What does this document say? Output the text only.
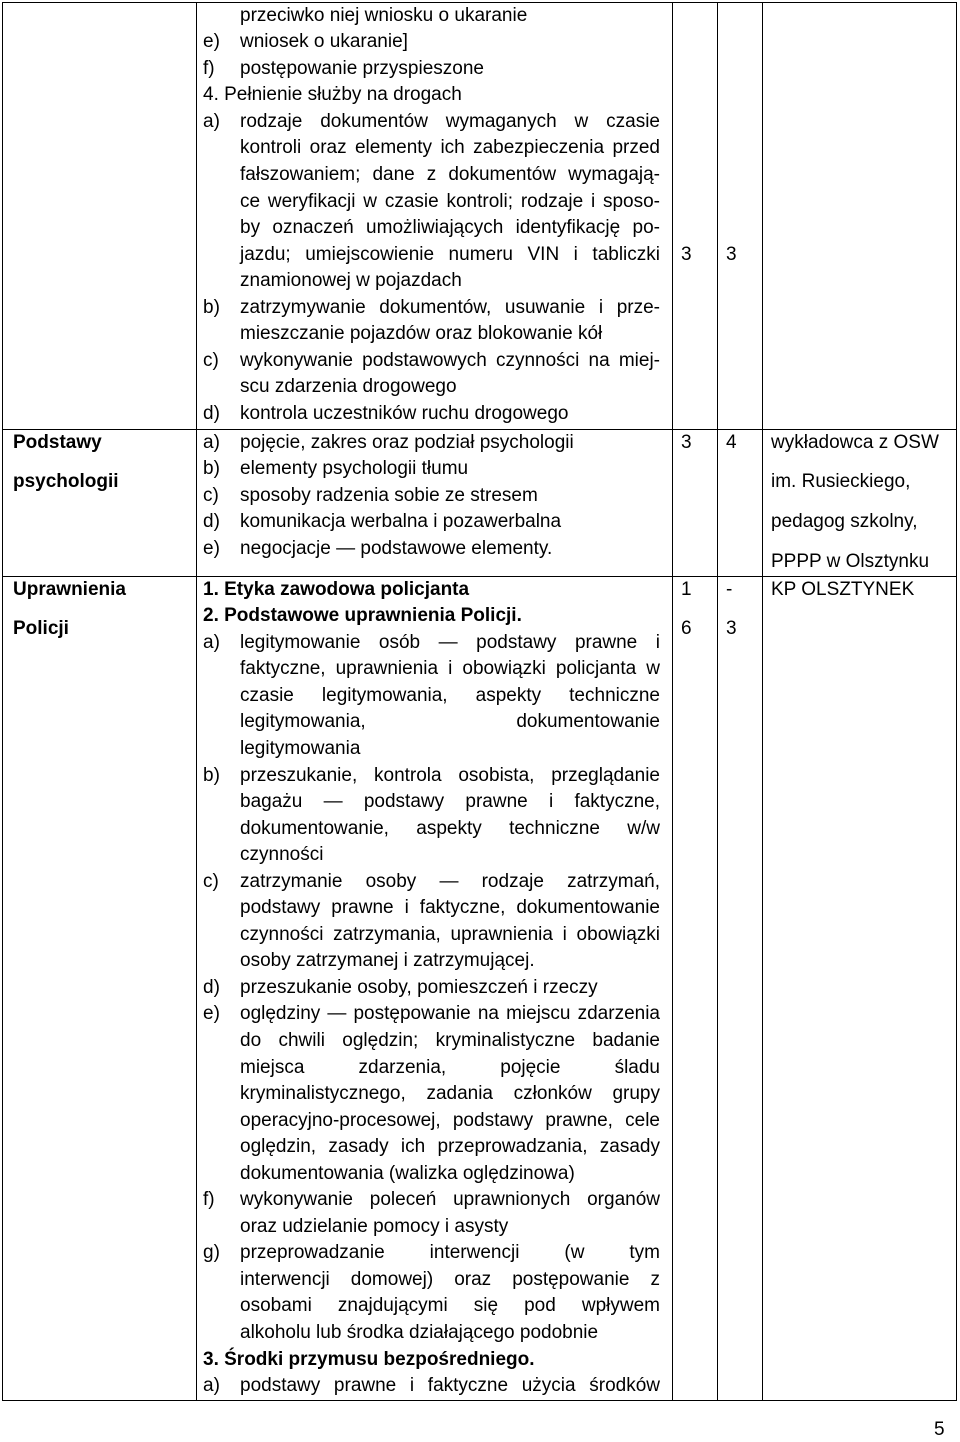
przeciwko niej wniosku o ukaranie
e) wniosek o ukaranie]
f) postępowanie przyspieszone
4. Pełnienie służby na drogach
a) rodzaje dokumentów wymaganych w czasie
kontroli oraz elementy ich zabezpieczenia przed
fałszowaniem; dane z dokumentów wymagają-
ce weryfikacji w czasie kontroli; rodzaje i sposo-
by oznaczeń umożliwiających identyfikację po-
jazdu; umiejscowienie numeru VIN i tabliczki
znamionowej w pojazdach
b) zatrzymywanie dokumentów, usuwanie i prze-
mieszczanie pojazdów oraz blokowanie kół
c) wykonywanie podstawowych czynności na miej-
scu zdarzenia drogowego
d) kontrola uczestników ruchu drogowego
3 3
Podstawy
psychologii
a) pojęcie, zakres oraz podział psychologii
b) elementy psychologii tłumu
c) sposoby radzenia sobie ze stresem
d) komunikacja werbalna i pozawerbalna
e) negocjacje — podstawowe elementy.
3 4 wykładowca z OSW
im. Rusieckiego,
pedagog szkolny,
PPPP w Olsztynku
Uprawnienia
Policji
1. Etyka zawodowa policjanta
2. Podstawowe uprawnienia Policji.
a) legitymowanie osób — podstawy prawne i
faktyczne, uprawnienia i obowiązki policjanta w
czasie legitymowania, aspekty techniczne
legitymowania, dokumentowanie
legitymowania
b) przeszukanie, kontrola osobista, przeglądanie
bagażu — podstawy prawne i faktyczne,
dokumentowanie, aspekty techniczne w/w
czynności
c) zatrzymanie osoby — rodzaje zatrzymań,
podstawy prawne i faktyczne, dokumentowanie
czynności zatrzymania, uprawnienia i obowiązki
osoby zatrzymanej i zatrzymującej.
d) przeszukanie osoby, pomieszczeń i rzeczy
e) oględziny — postępowanie na miejscu zdarzenia
do chwili oględzin; kryminalistyczne badanie
miejsca zdarzenia, pojęcie śladu
kryminalistycznego, zadania członków grupy
operacyjno-procesowej, podstawy prawne, cele
oględzin, zasady ich przeprowadzania, zasady
dokumentowania (walizka oględzinowa)
f) wykonywanie poleceń uprawnionych organów
oraz udzielanie pomocy i asysty
g) przeprowadzanie interwencji (w tym
interwencji domowej) oraz postępowanie z
osobami znajdującymi się pod wpływem
alkoholu lub środka działającego podobnie
3. Środki przymusu bezpośredniego.
a) podstawy prawne i faktyczne użycia środków
1
6
-
3
KP OLSZTYNEK
5
